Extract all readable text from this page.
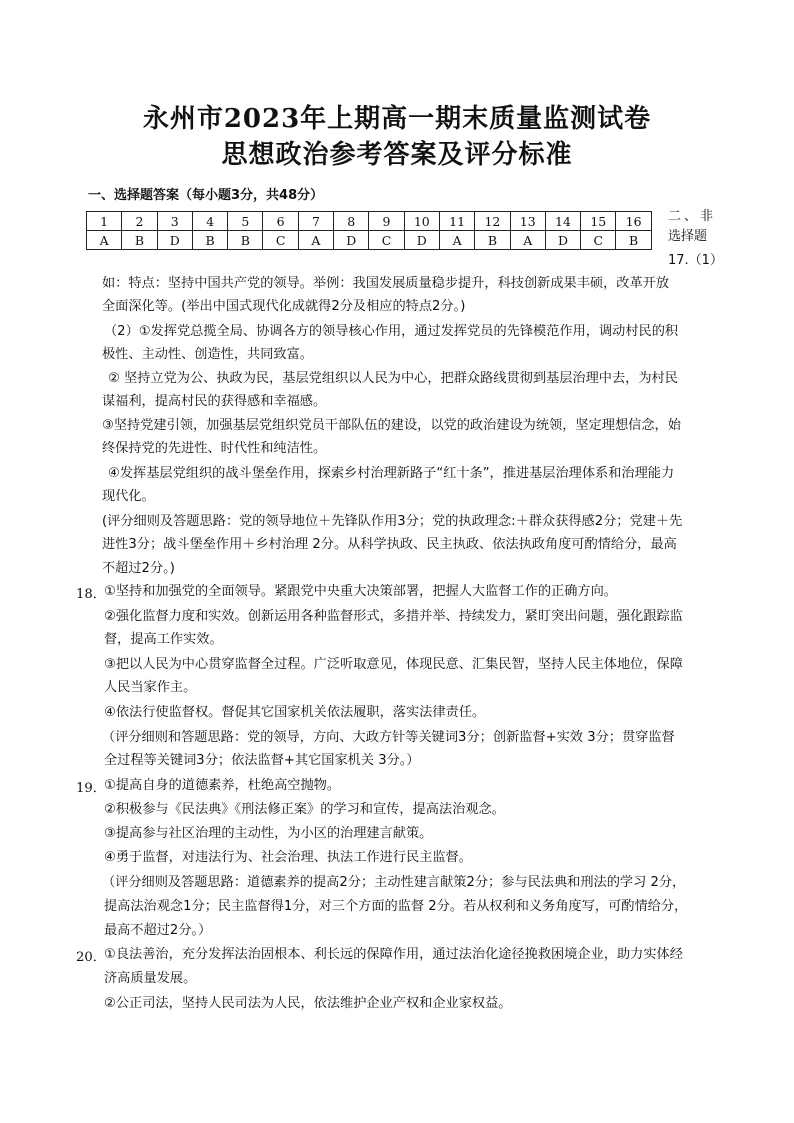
永州市2023年上期高一期末质量监测试卷
思想政治参考答案及评分标准
一、选择题答案（每小题3分，共48分）
1	2	3	4	5	6	7	8	9	10	11	12	13	14	15	16
A	B	D	B	B	C	A	D	C	D	A	B	A	D	C	B
二、非
选择题
17.（1）
如：特点：坚持中国共产党的领导。举例：我国发展质量稳步提升，科技创新成果丰硕，改革开放
全面深化等。(举出中国式现代化成就得2分及相应的特点2分。)
（2）①发挥党总揽全局、协调各方的领导核心作用，通过发挥党员的先锋模范作用，调动村民的积
极性、主动性、创造性，共同致富。
② 坚持立党为公、执政为民，基层党组织以人民为中心，把群众路线贯彻到基层治理中去，为村民
谋福利，提高村民的获得感和幸福感。
③坚持党建引领，加强基层党组织党员干部队伍的建设，以党的政治建设为统领，坚定理想信念，始
终保持党的先进性、时代性和纯洁性。
④发挥基层党组织的战斗堡垒作用，探索乡村治理新路子“红十条”，推进基层治理体系和治理能力
现代化。
(评分细则及答题思路：党的领导地位＋先锋队作用3分；党的执政理念:＋群众获得感2分；党建＋先
进性3分；战斗堡垒作用＋乡村治理 2分。从科学执政、民主执政、依法执政角度可酌情给分，最高
不超过2分。)
18．
①坚持和加强党的全面领导。紧跟党中央重大决策部署，把握人大监督工作的正确方向。
②强化监督力度和实效。创新运用各种监督形式，多措并举、持续发力，紧盯突出问题，强化跟踪监
督，提高工作实效。
③把以人民为中心贯穿监督全过程。广泛听取意见，体现民意、汇集民智，坚持人民主体地位，保障
人民当家作主。
④依法行使监督权。督促其它国家机关依法履职，落实法律责任。
（评分细则和答题思路：党的领导，方向、大政方针等关键词3分；创新监督+实效 3分；贯穿监督
全过程等关键词3分；依法监督+其它国家机关 3分。）
19．
①提高自身的道德素养，杜绝高空抛物。
②积极参与《民法典》《刑法修正案》的学习和宣传，提高法治观念。
③提高参与社区治理的主动性，为小区的治理建言献策。
④勇于监督，对违法行为、社会治理、执法工作进行民主监督。
（评分细则及答题思路：道德素养的提高2分；主动性建言献策2分；参与民法典和刑法的学习 2分，
提高法治观念1分；民主监督得1分，对三个方面的监督 2分。若从权利和义务角度写，可酌情给分，
最高不超过2分。）
20．
①良法善治，充分发挥法治固根本、利长远的保障作用，通过法治化途径挽救困境企业，助力实体经
济高质量发展。
②公正司法，坚持人民司法为人民，依法维护企业产权和企业家权益。
